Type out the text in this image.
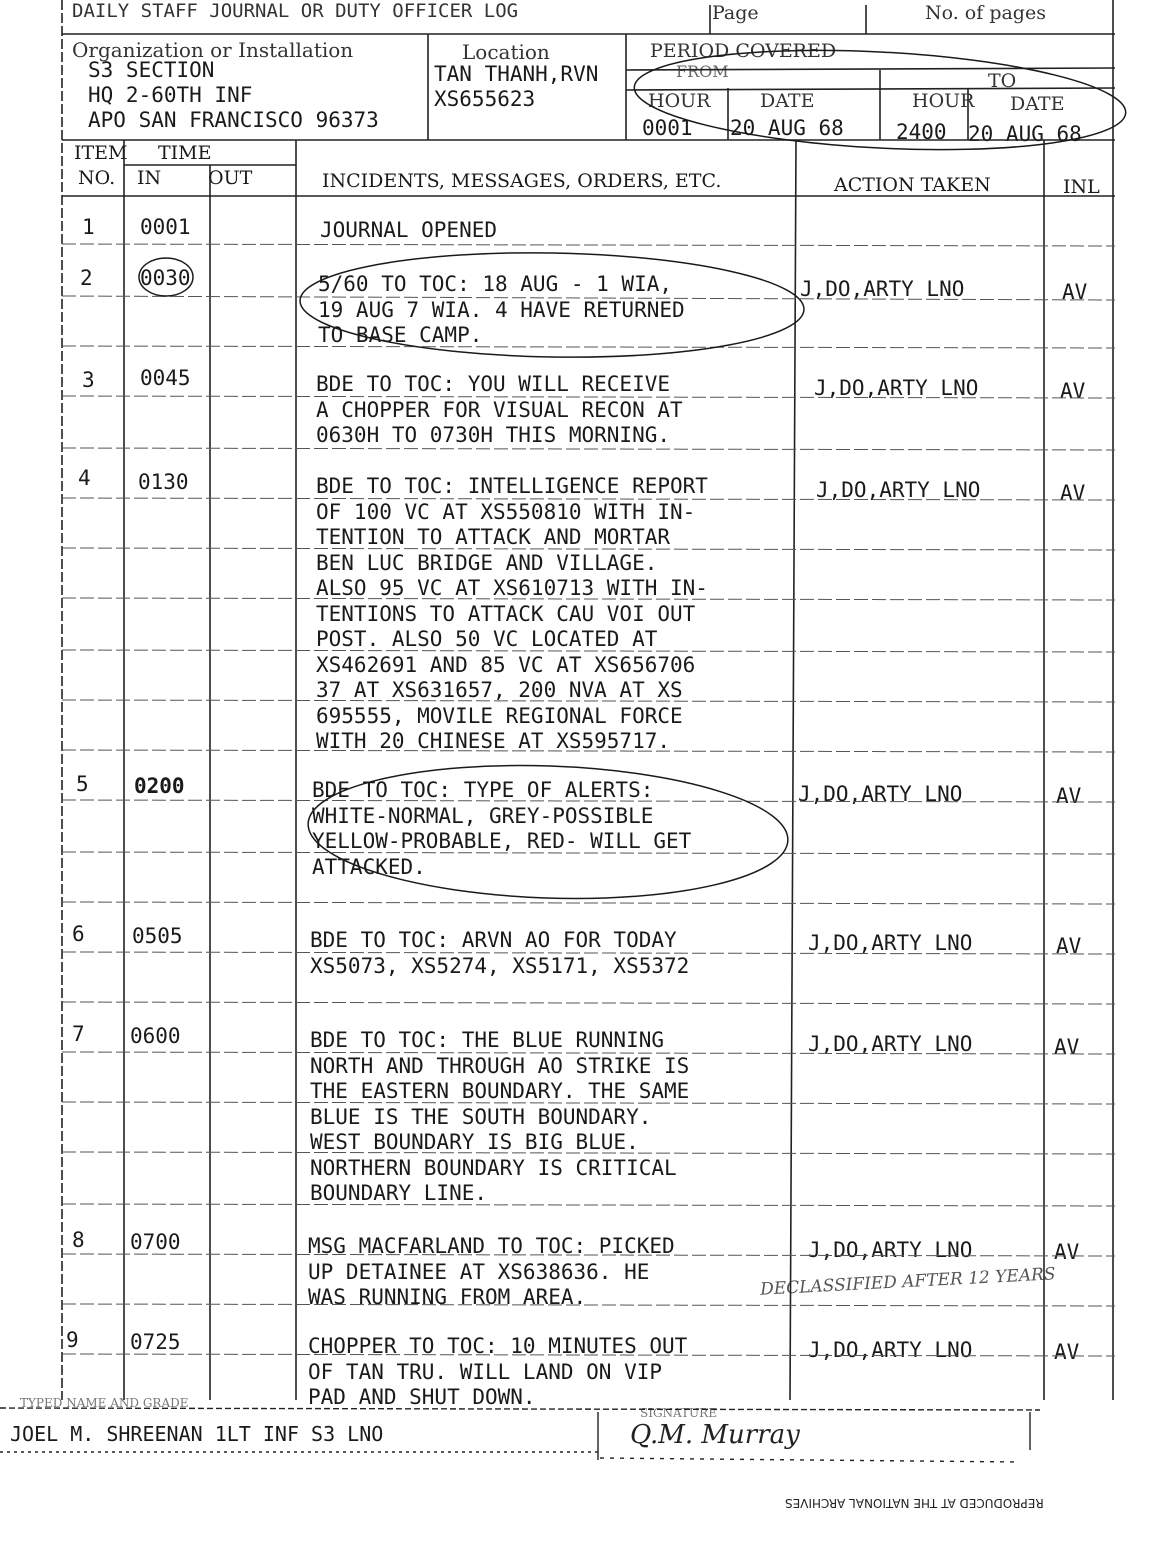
DAILY STAFF JOURNAL OR DUTY OFFICER LOG	Page	No. of pages
Organization or Installation
S3 SECTION
HQ 2-60TH INF
APO SAN FRANCISCO 96373
Location
TAN THANH,RVN
XS655623
PERIOD COVERED
FROM	TO
HOUR	DATE	HOUR DATE
0001 20 AUG 68 2400 20 AUG 68
ITEM
NO.
TIME
IN OUT	INCIDENTS, MESSAGES, ORDERS, ETC.	ACTION TAKEN	INL
1 0001	JOURNAL OPENED
2 0030	5/60 TO TOC: 18 AUG - 1 WIA,
19 AUG 7 WIA. 4 HAVE RETURNED
TO BASE CAMP.
J,DO,ARTY LNO	AV
3 0045	BDE TO TOC: YOU WILL RECEIVE
A CHOPPER FOR VISUAL RECON AT
0630H TO 0730H THIS MORNING.
J,DO,ARTY LNO	AV
4 0130	BDE TO TOC: INTELLIGENCE REPORT
OF 100 VC AT XS550810 WITH IN-
TENTION TO ATTACK AND MORTAR
BEN LUC BRIDGE AND VILLAGE.
ALSO 95 VC AT XS610713 WITH IN-
TENTIONS TO ATTACK CAU VOI OUT
POST. ALSO 50 VC LOCATED AT
XS462691 AND 85 VC AT XS656706
37 AT XS631657, 200 NVA AT XS
695555, MOVILE REGIONAL FORCE
WITH 20 CHINESE AT XS595717.
J,DO,ARTY LNO	AV
5 0200	BDE TO TOC: TYPE OF ALERTS:
WHITE-NORMAL, GREY-POSSIBLE
YELLOW-PROBABLE, RED- WILL GET
ATTACKED.
J,DO,ARTY LNO	AV
6 0505	BDE TO TOC: ARVN AO FOR TODAY
XS5073, XS5274, XS5171, XS5372
J,DO,ARTY LNO	AV
7 0600	BDE TO TOC: THE BLUE RUNNING
NORTH AND THROUGH AO STRIKE IS
THE EASTERN BOUNDARY. THE SAME
BLUE IS THE SOUTH BOUNDARY.
WEST BOUNDARY IS BIG BLUE.
NORTHERN BOUNDARY IS CRITICAL
BOUNDARY LINE.
J,DO,ARTY LNO	AV
8 0700	MSG MACFARLAND TO TOC: PICKED
UP DETAINEE AT XS638636. HE
WAS RUNNING FROM AREA.
J,DO,ARTY LNO	AV
9 0725	CHOPPER TO TOC: 10 MINUTES OUT
OF TAN TRU. WILL LAND ON VIP
PAD AND SHUT DOWN.
J,DO,ARTY LNO	AV
DECLASSIFIED AFTER 12 YEARS
TYPED NAME AND GRADE
JOEL M. SHREENAN 1LT INF S3 LNO
SIGNATURE
Q.M. Murray
REPRODUCED AT THE NATIONAL ARCHIVES
